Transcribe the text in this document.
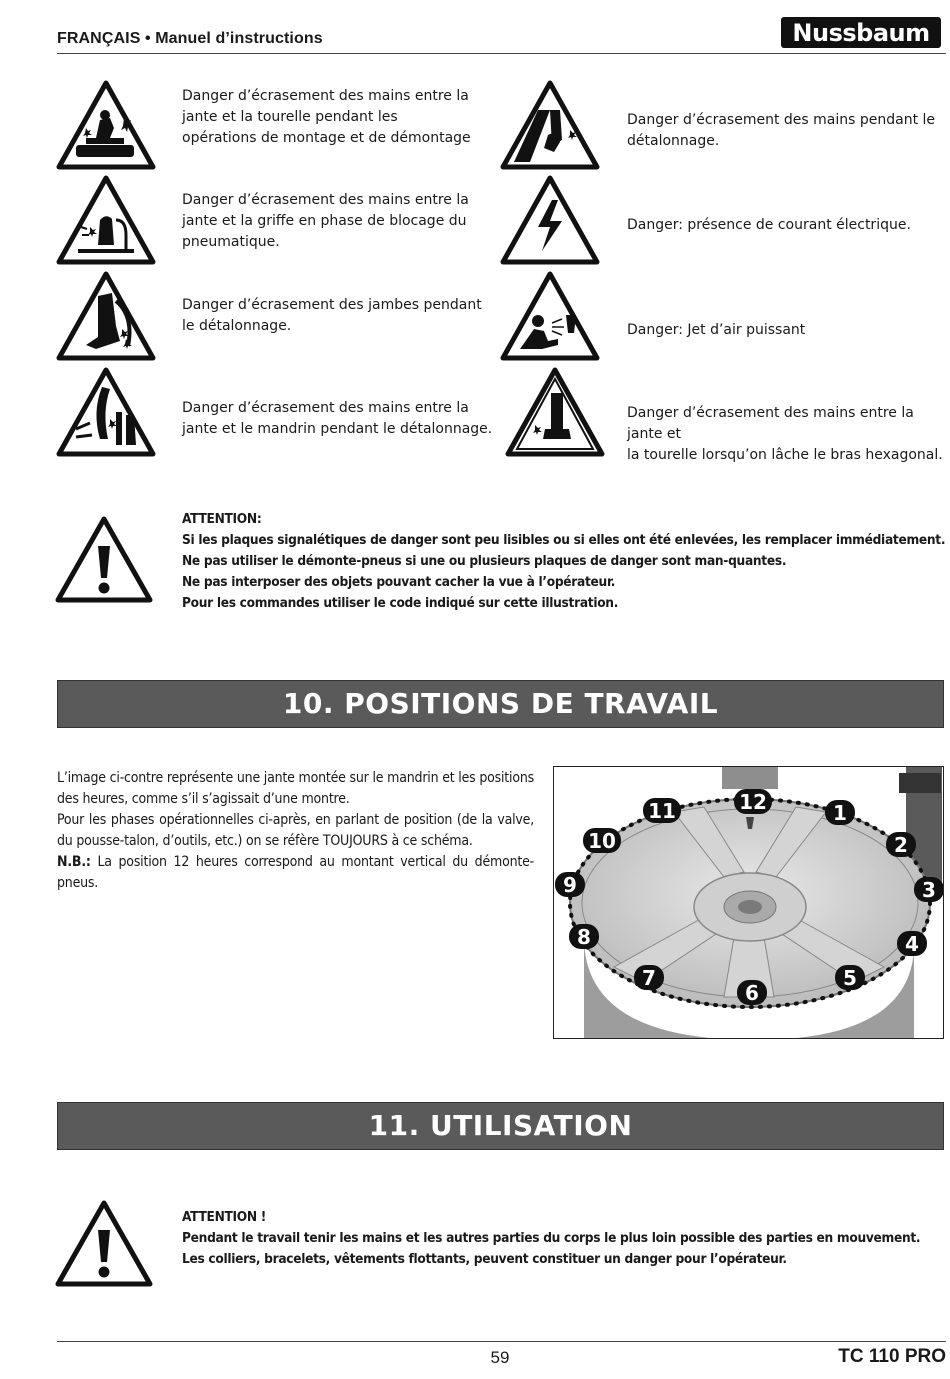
FRANÇAIS • Manuel d’instructions	Nussbaum
Danger d’écrasement des mains entre la
jante et la tourelle pendant les
opérations de montage et de démontage
Danger d’écrasement des mains entre la
jante et la griffe en phase de blocage du
pneumatique.
Danger d’écrasement des jambes pendant
le détalonnage.
Danger d’écrasement des mains entre la
jante et le mandrin pendant le détalonnage.
Danger d’écrasement des mains pendant le
détalonnage.
Danger: présence de courant électrique.
Danger: Jet d’air puissant
Danger d’écrasement des mains entre la jante et
la tourelle lorsqu’on lâche le bras hexagonal.
ATTENTION:
Si les plaques signalétiques de danger sont peu lisibles ou si elles ont été enlevées, les remplacer immédiatement.
Ne pas utiliser le démonte-pneus si une ou plusieurs plaques de danger sont man-quantes.
Ne pas interposer des objets pouvant cacher la vue à l’opérateur.
Pour les commandes utiliser le code indiqué sur cette illustration.
10. POSITIONS DE TRAVAIL
L’image ci-contre représente une jante montée sur le mandrin et les positions des heures, comme s’il s’agissait d’une montre.
Pour les phases opérationnelles ci-après, en parlant de position (de la valve, du pousse-talon, d’outils, etc.) on se réfère TOUJOURS à ce schéma.
N.B.: La position 12 heures correspond au montant vertical du démonte-pneus.
1
2
3
4
5
6
7
8
9
10
11	12
11. UTILISATION
ATTENTION !
Pendant le travail tenir les mains et les autres parties du corps le plus loin possible des parties en mouvement.
Les colliers, bracelets, vêtements flottants, peuvent constituer un danger pour l’opérateur.
59	TC 110 PRO
